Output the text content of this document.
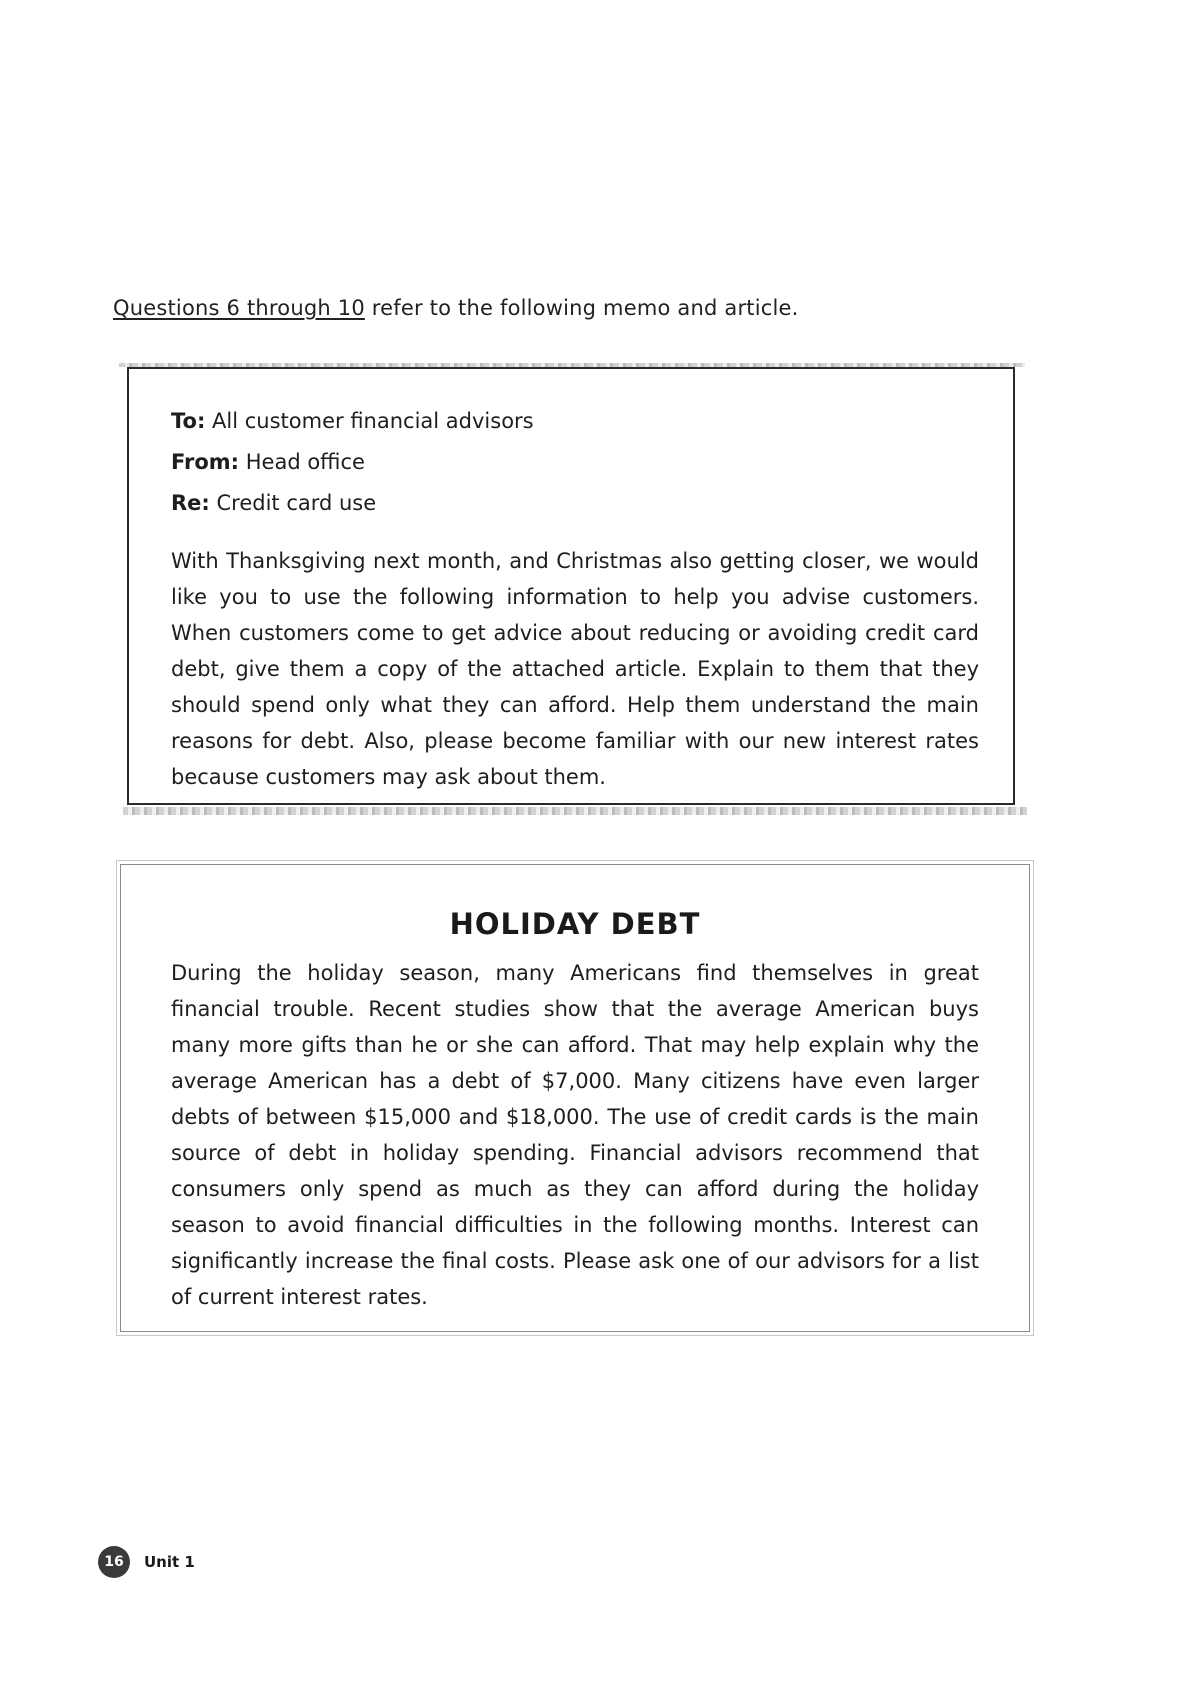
Questions 6 through 10 refer to the following memo and article.
To: All customer financial advisors
From: Head office
Re: Credit card use

With Thanksgiving next month, and Christmas also getting closer, we would like you to use the following information to help you advise customers. When customers come to get advice about reducing or avoiding credit card debt, give them a copy of the attached article. Explain to them that they should spend only what they can afford. Help them understand the main reasons for debt. Also, please become familiar with our new interest rates because customers may ask about them.

HOLIDAY DEBT

During the holiday season, many Americans find themselves in great financial trouble. Recent studies show that the average American buys many more gifts than he or she can afford. That may help explain why the average American has a debt of $7,000. Many citizens have even larger debts of between $15,000 and $18,000. The use of credit cards is the main source of debt in holiday spending. Financial advisors recommend that consumers only spend as much as they can afford during the holiday season to avoid financial difficulties in the following months. Interest can significantly increase the final costs. Please ask one of our advisors for a list of current interest rates.

16	Unit 1
